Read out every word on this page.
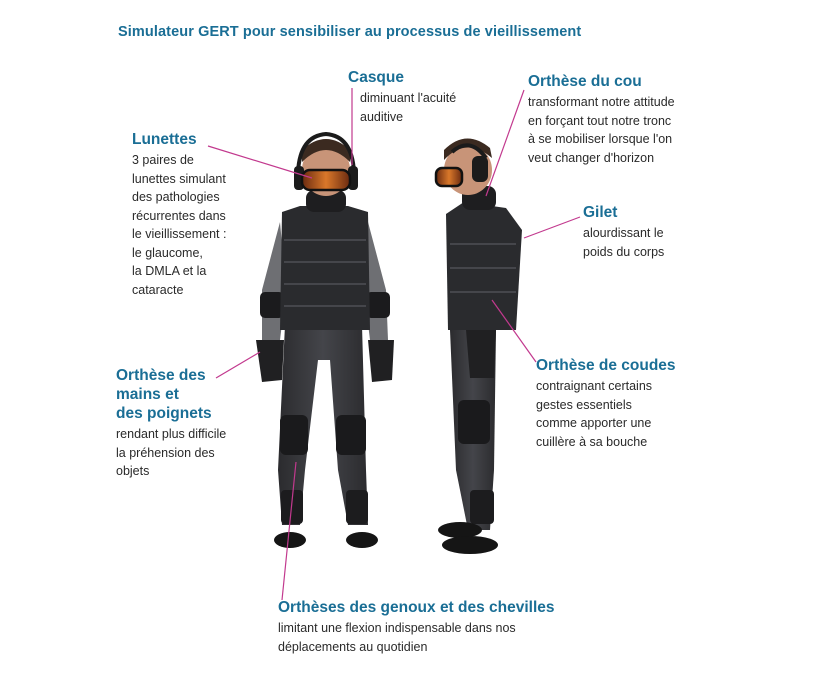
Simulateur GERT pour sensibiliser au processus de vieillissement
Casque

diminuant l'acuité
auditive

Lunettes

3 paires de
lunettes simulant
des pathologies
récurrentes dans
le vieillissement :
le glaucome,
la DMLA et la
cataracte

Orthèse du cou

transformant notre attitude
en forçant tout notre tronc
à se mobiliser lorsque l'on
veut changer d'horizon

Gilet

alourdissant le
poids du corps

Orthèse des
mains et
des poignets

rendant plus difficile
la préhension des
objets

Orthèse de coudes

contraignant certains
gestes essentiels
comme apporter une
cuillère à sa bouche

Orthèses des genoux et des chevilles

limitant une flexion indispensable dans nos
déplacements au quotidien
